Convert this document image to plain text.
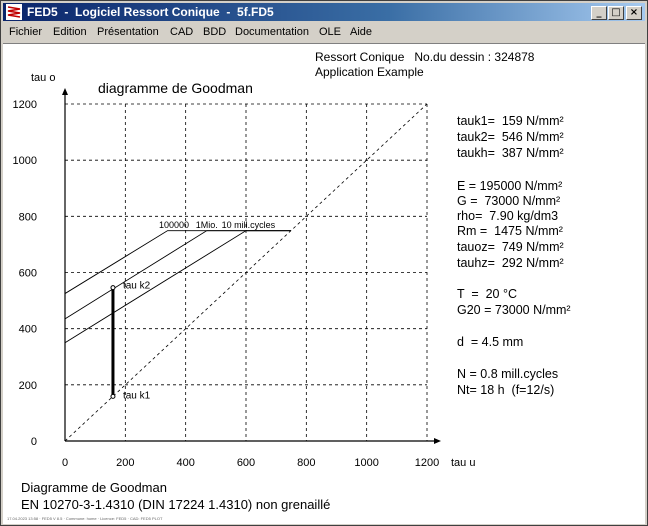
FED5  -  Logiciel Ressort Conique  -  5f.FD5	_ □ ×
Fichier Edition Présentation CAD BDD Documentation OLE Aide
Ressort Conique   No.du dessin : 324878
Application Example
0	200	400	600	800	1000	1200
0
200
400
600
800
1000
1200
100000 1Mio. 10 mill.cycles
tau k2
tau k1
diagramme de Goodman
tau o
tau u
tauk1=  159 N/mm²
tauk2=  546 N/mm²
taukh=  387 N/mm²
E = 195000 N/mm²
G =  73000 N/mm²
rho=  7.90 kg/dm3
Rm =  1475 N/mm²
tauoz=  749 N/mm²
tauhz=  292 N/mm²
T  =  20 °C
G20 = 73000 N/mm²
d  = 4.5 mm
N = 0.8 mill.cycles
Nt= 18 h  (f=12/s)
Diagramme de Goodman
EN 10270-3-1.4310 (DIN 17224 1.4310) non grenaillé
17.04.2023 13:58 · FED5 V 8.5 · Commune: home · Licence: FED5 · CAD: FED5 PLOT
